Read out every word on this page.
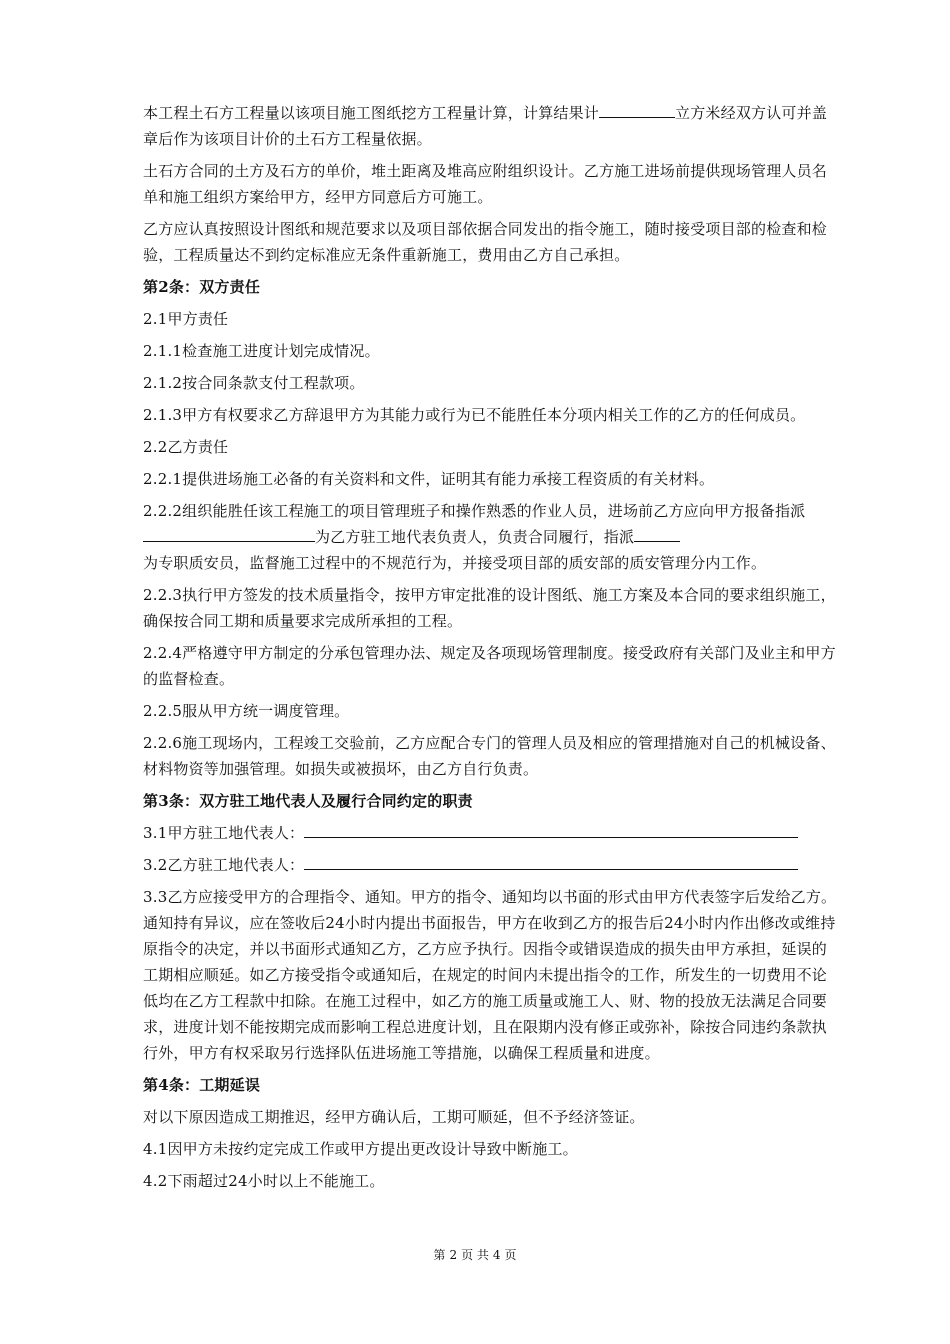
本工程土石方工程量以该项目施工图纸挖方工程量计算，计算结果计	立方米经双方认可并盖章后作为该项目计价的土石方工程量依据。

土石方合同的土方及石方的单价，堆土距离及堆高应附组织设计。乙方施工进场前提供现场管理人员名单和施工组织方案给甲方，经甲方同意后方可施工。

乙方应认真按照设计图纸和规范要求以及项目部依据合同发出的指令施工，随时接受项目部的检查和检验，工程质量达不到约定标准应无条件重新施工，费用由乙方自己承担。

第2条：双方责任

2.1甲方责任

2.1.1检查施工进度计划完成情况。

2.1.2按合同条款支付工程款项。

2.1.3甲方有权要求乙方辞退甲方为其能力或行为已不能胜任本分项内相关工作的乙方的任何成员。

2.2乙方责任

2.2.1提供进场施工必备的有关资料和文件，证明其有能力承接工程资质的有关材料。

2.2.2组织能胜任该工程施工的项目管理班子和操作熟悉的作业人员，进场前乙方应向甲方报备指派为乙方驻工地代表负责人，负责合同履行，指派
为专职质安员，监督施工过程中的不规范行为，并接受项目部的质安部的质安管理分内工作。

2.2.3执行甲方签发的技术质量指令，按甲方审定批准的设计图纸、施工方案及本合同的要求组织施工，确保按合同工期和质量要求完成所承担的工程。

2.2.4严格遵守甲方制定的分承包管理办法、规定及各项现场管理制度。接受政府有关部门及业主和甲方的监督检查。

2.2.5服从甲方统一调度管理。

2.2.6施工现场内，工程竣工交验前，乙方应配合专门的管理人员及相应的管理措施对自己的机械设备、材料物资等加强管理。如损失或被损坏，由乙方自行负责。

第3条：双方驻工地代表人及履行合同约定的职责

3.1甲方驻工地代表人：

3.2乙方驻工地代表人：

3.3乙方应接受甲方的合理指令、通知。甲方的指令、通知均以书面的形式由甲方代表签字后发给乙方。通知持有异议，应在签收后24小时内提出书面报告，甲方在收到乙方的报告后24小时内作出修改或维持原指令的决定，并以书面形式通知乙方，乙方应予执行。因指令或错误造成的损失由甲方承担，延误的工期相应顺延。如乙方接受指令或通知后，在规定的时间内未提出指令的工作，所发生的一切费用不论低均在乙方工程款中扣除。在施工过程中，如乙方的施工质量或施工人、财、物的投放无法满足合同要求，进度计划不能按期完成而影响工程总进度计划，且在限期内没有修正或弥补，除按合同违约条款执行外，甲方有权采取另行选择队伍进场施工等措施，以确保工程质量和进度。

第4条：工期延误

对以下原因造成工期推迟，经甲方确认后，工期可顺延，但不予经济签证。

4.1因甲方未按约定完成工作或甲方提出更改设计导致中断施工。

4.2下雨超过24小时以上不能施工。

第 2 页 共 4 页
